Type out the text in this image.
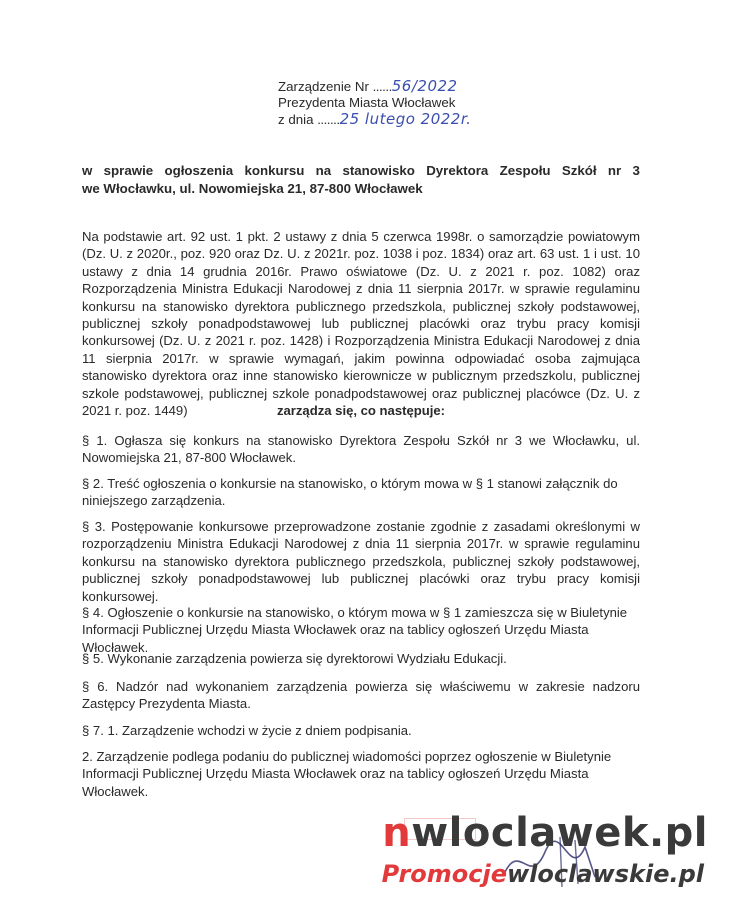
Zarządzenie Nr ......56/2022
Prezydenta Miasta Włocławek
z dnia .......25 lutego 2022r.
w sprawie ogłoszenia konkursu na stanowisko Dyrektora Zespołu Szkół nr 3
we Włocławku, ul. Nowomiejska 21, 87-800 Włocławek
Na podstawie art. 92 ust. 1 pkt. 2 ustawy z dnia 5 czerwca 1998r. o samorządzie powiatowym (Dz. U. z 2020r., poz. 920 oraz Dz. U. z 2021r. poz. 1038 i poz. 1834) oraz art. 63 ust. 1 i ust. 10 ustawy z dnia 14 grudnia 2016r. Prawo oświatowe (Dz. U. z 2021 r. poz. 1082) oraz Rozporządzenia Ministra Edukacji Narodowej z dnia 11 sierpnia 2017r. w sprawie regulaminu konkursu na stanowisko dyrektora publicznego przedszkola, publicznej szkoły podstawowej, publicznej szkoły ponadpodstawowej lub publicznej placówki oraz trybu pracy komisji konkursowej (Dz. U. z 2021 r. poz. 1428) i Rozporządzenia Ministra Edukacji Narodowej z dnia 11 sierpnia 2017r. w sprawie wymagań, jakim powinna odpowiadać osoba zajmująca stanowisko dyrektora oraz inne stanowisko kierownicze w publicznym przedszkolu, publicznej szkole podstawowej, publicznej szkole ponadpodstawowej oraz publicznej placówce (Dz. U. z 2021 r. poz. 1449)	zarządza się, co następuje:
§ 1. Ogłasza się konkurs na stanowisko Dyrektora Zespołu Szkół nr 3 we Włocławku, ul. Nowomiejska 21, 87-800 Włocławek.
§ 2. Treść ogłoszenia o konkursie na stanowisko, o którym mowa w § 1 stanowi załącznik do niniejszego zarządzenia.
§ 3. Postępowanie konkursowe przeprowadzone zostanie zgodnie z zasadami określonymi w rozporządzeniu Ministra Edukacji Narodowej z dnia 11 sierpnia 2017r. w sprawie regulaminu konkursu na stanowisko dyrektora publicznego przedszkola, publicznej szkoły podstawowej, publicznej szkoły ponadpodstawowej lub publicznej placówki oraz trybu pracy komisji konkursowej.
§ 4. Ogłoszenie o konkursie na stanowisko, o którym mowa w § 1 zamieszcza się w Biuletynie Informacji Publicznej Urzędu Miasta Włocławek oraz na tablicy ogłoszeń Urzędu Miasta Włocławek.
§ 5. Wykonanie zarządzenia powierza się dyrektorowi Wydziału Edukacji.
§ 6. Nadzór nad wykonaniem zarządzenia powierza się właściwemu w zakresie nadzoru Zastępcy Prezydenta Miasta.
§ 7. 1. Zarządzenie wchodzi w życie z dniem podpisania.
2. Zarządzenie podlega podaniu do publicznej wiadomości poprzez ogłoszenie w Biuletynie Informacji Publicznej Urzędu Miasta Włocławek oraz na tablicy ogłoszeń Urzędu Miasta Włocławek.
nwloclawek.pl
Promocjewloclawskie.pl
